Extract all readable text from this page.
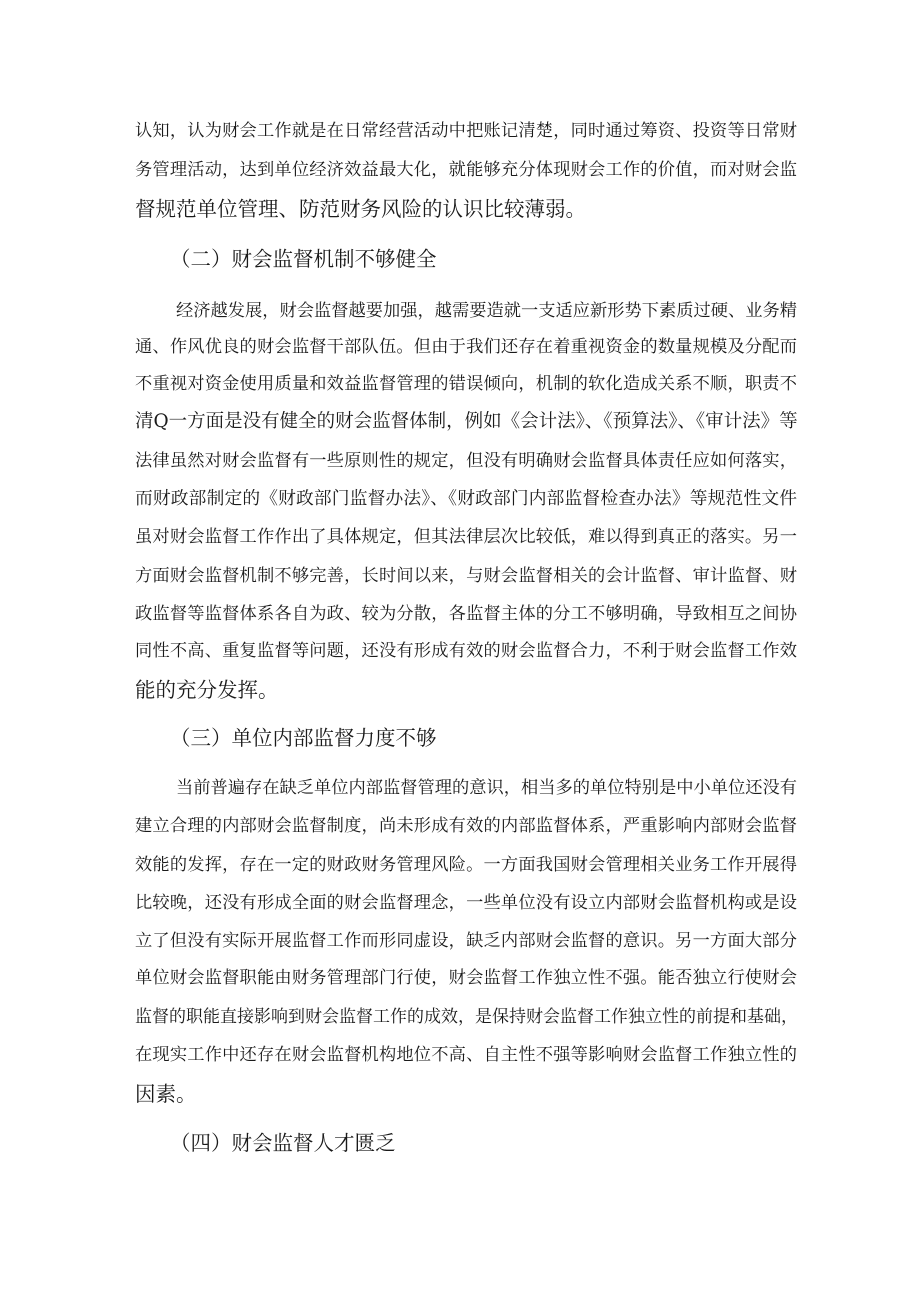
认知，认为财会工作就是在日常经营活动中把账记清楚，同时通过筹资、投资等日常财
务管理活动，达到单位经济效益最大化，就能够充分体现财会工作的价值，而对财会监
督规范单位管理、防范财务风险的认识比较薄弱。
（二）财会监督机制不够健全
经济越发展，财会监督越要加强，越需要造就一支适应新形势下素质过硬、业务精
通、作风优良的财会监督干部队伍。但由于我们还存在着重视资金的数量规模及分配而
不重视对资金使用质量和效益监督管理的错误倾向，机制的软化造成关系不顺，职责不
清Q一方面是没有健全的财会监督体制，例如《会计法》、《预算法》、《审计法》等
法律虽然对财会监督有一些原则性的规定，但没有明确财会监督具体责任应如何落实，
而财政部制定的《财政部门监督办法》、《财政部门内部监督检查办法》等规范性文件
虽对财会监督工作作出了具体规定，但其法律层次比较低，难以得到真正的落实。另一
方面财会监督机制不够完善，长时间以来，与财会监督相关的会计监督、审计监督、财
政监督等监督体系各自为政、较为分散，各监督主体的分工不够明确，导致相互之间协
同性不高、重复监督等问题，还没有形成有效的财会监督合力，不利于财会监督工作效
能的充分发挥。
（三）单位内部监督力度不够
当前普遍存在缺乏单位内部监督管理的意识，相当多的单位特别是中小单位还没有
建立合理的内部财会监督制度，尚未形成有效的内部监督体系，严重影响内部财会监督
效能的发挥，存在一定的财政财务管理风险。一方面我国财会管理相关业务工作开展得
比较晚，还没有形成全面的财会监督理念，一些单位没有设立内部财会监督机构或是设
立了但没有实际开展监督工作而形同虚设，缺乏内部财会监督的意识。另一方面大部分
单位财会监督职能由财务管理部门行使，财会监督工作独立性不强。能否独立行使财会
监督的职能直接影响到财会监督工作的成效，是保持财会监督工作独立性的前提和基础，
在现实工作中还存在财会监督机构地位不高、自主性不强等影响财会监督工作独立性的
因素。
（四）财会监督人才匮乏
